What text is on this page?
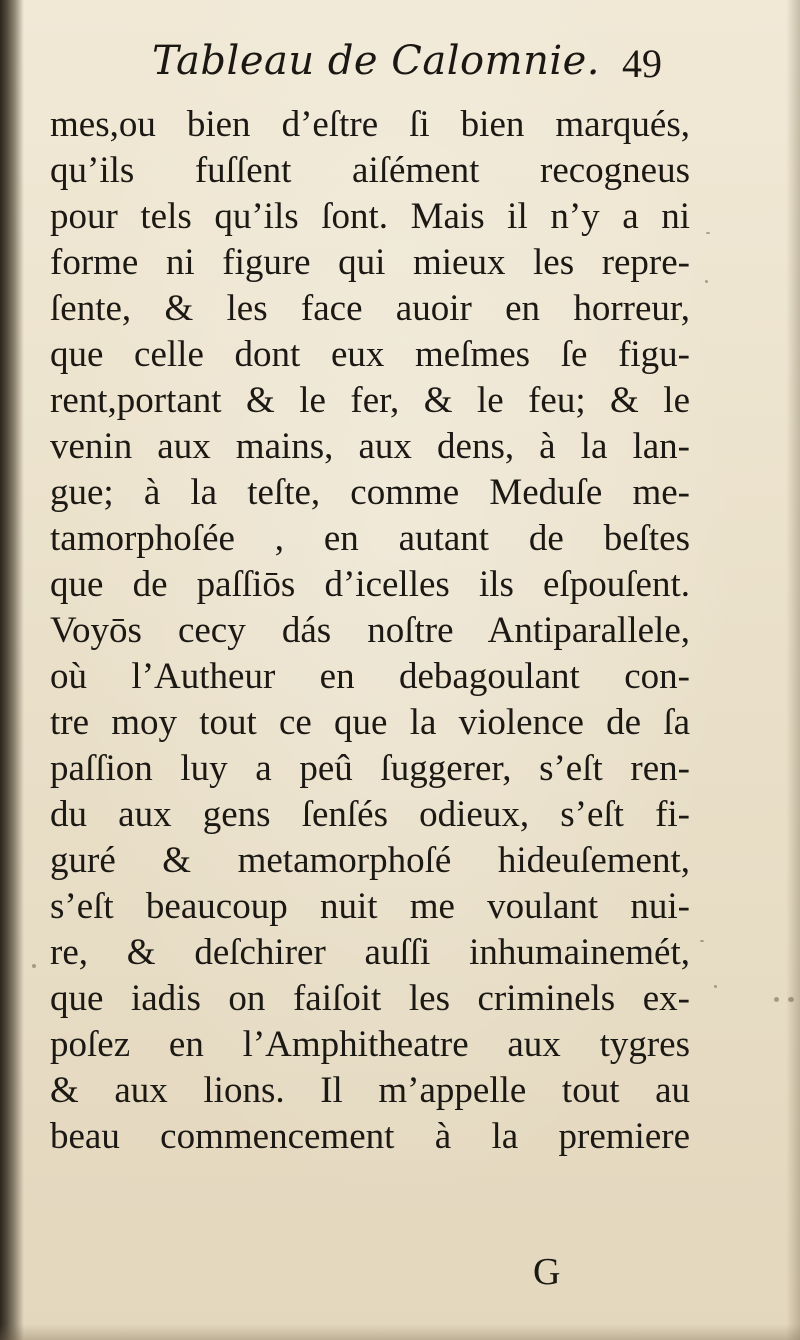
Tableau de Calomnie. 49
mes,ou bien d’eſtre ſi bien marqués,
qu’ils fuſſent aiſément recogneus
pour tels qu’ils ſont. Mais il n’y a ni
forme ni figure qui mieux les repre-
ſente, & les face auoir en horreur,
que celle dont eux meſmes ſe figu-
rent,portant & le fer, & le feu; & le
venin aux mains, aux dens, à la lan-
gue; à la teſte, comme Meduſe me-
tamorphoſée , en autant de beſtes
que de paſſiōs d’icelles ils eſpouſent.
Voyōs cecy dás noſtre Antiparallele,
où l’Autheur en debagoulant con-
tre moy tout ce que la violence de ſa
paſſion luy a peû ſuggerer, s’eſt ren-
du aux gens ſenſés odieux, s’eſt fi-
guré & metamorphoſé hideuſement,
s’eſt beaucoup nuit me voulant nui-
re, & deſchirer auſſi inhumainemét,
que iadis on faiſoit les criminels ex-
poſez en l’Amphitheatre aux tygres
& aux lions. Il m’appelle tout au
beau commencement à la premiere
G
